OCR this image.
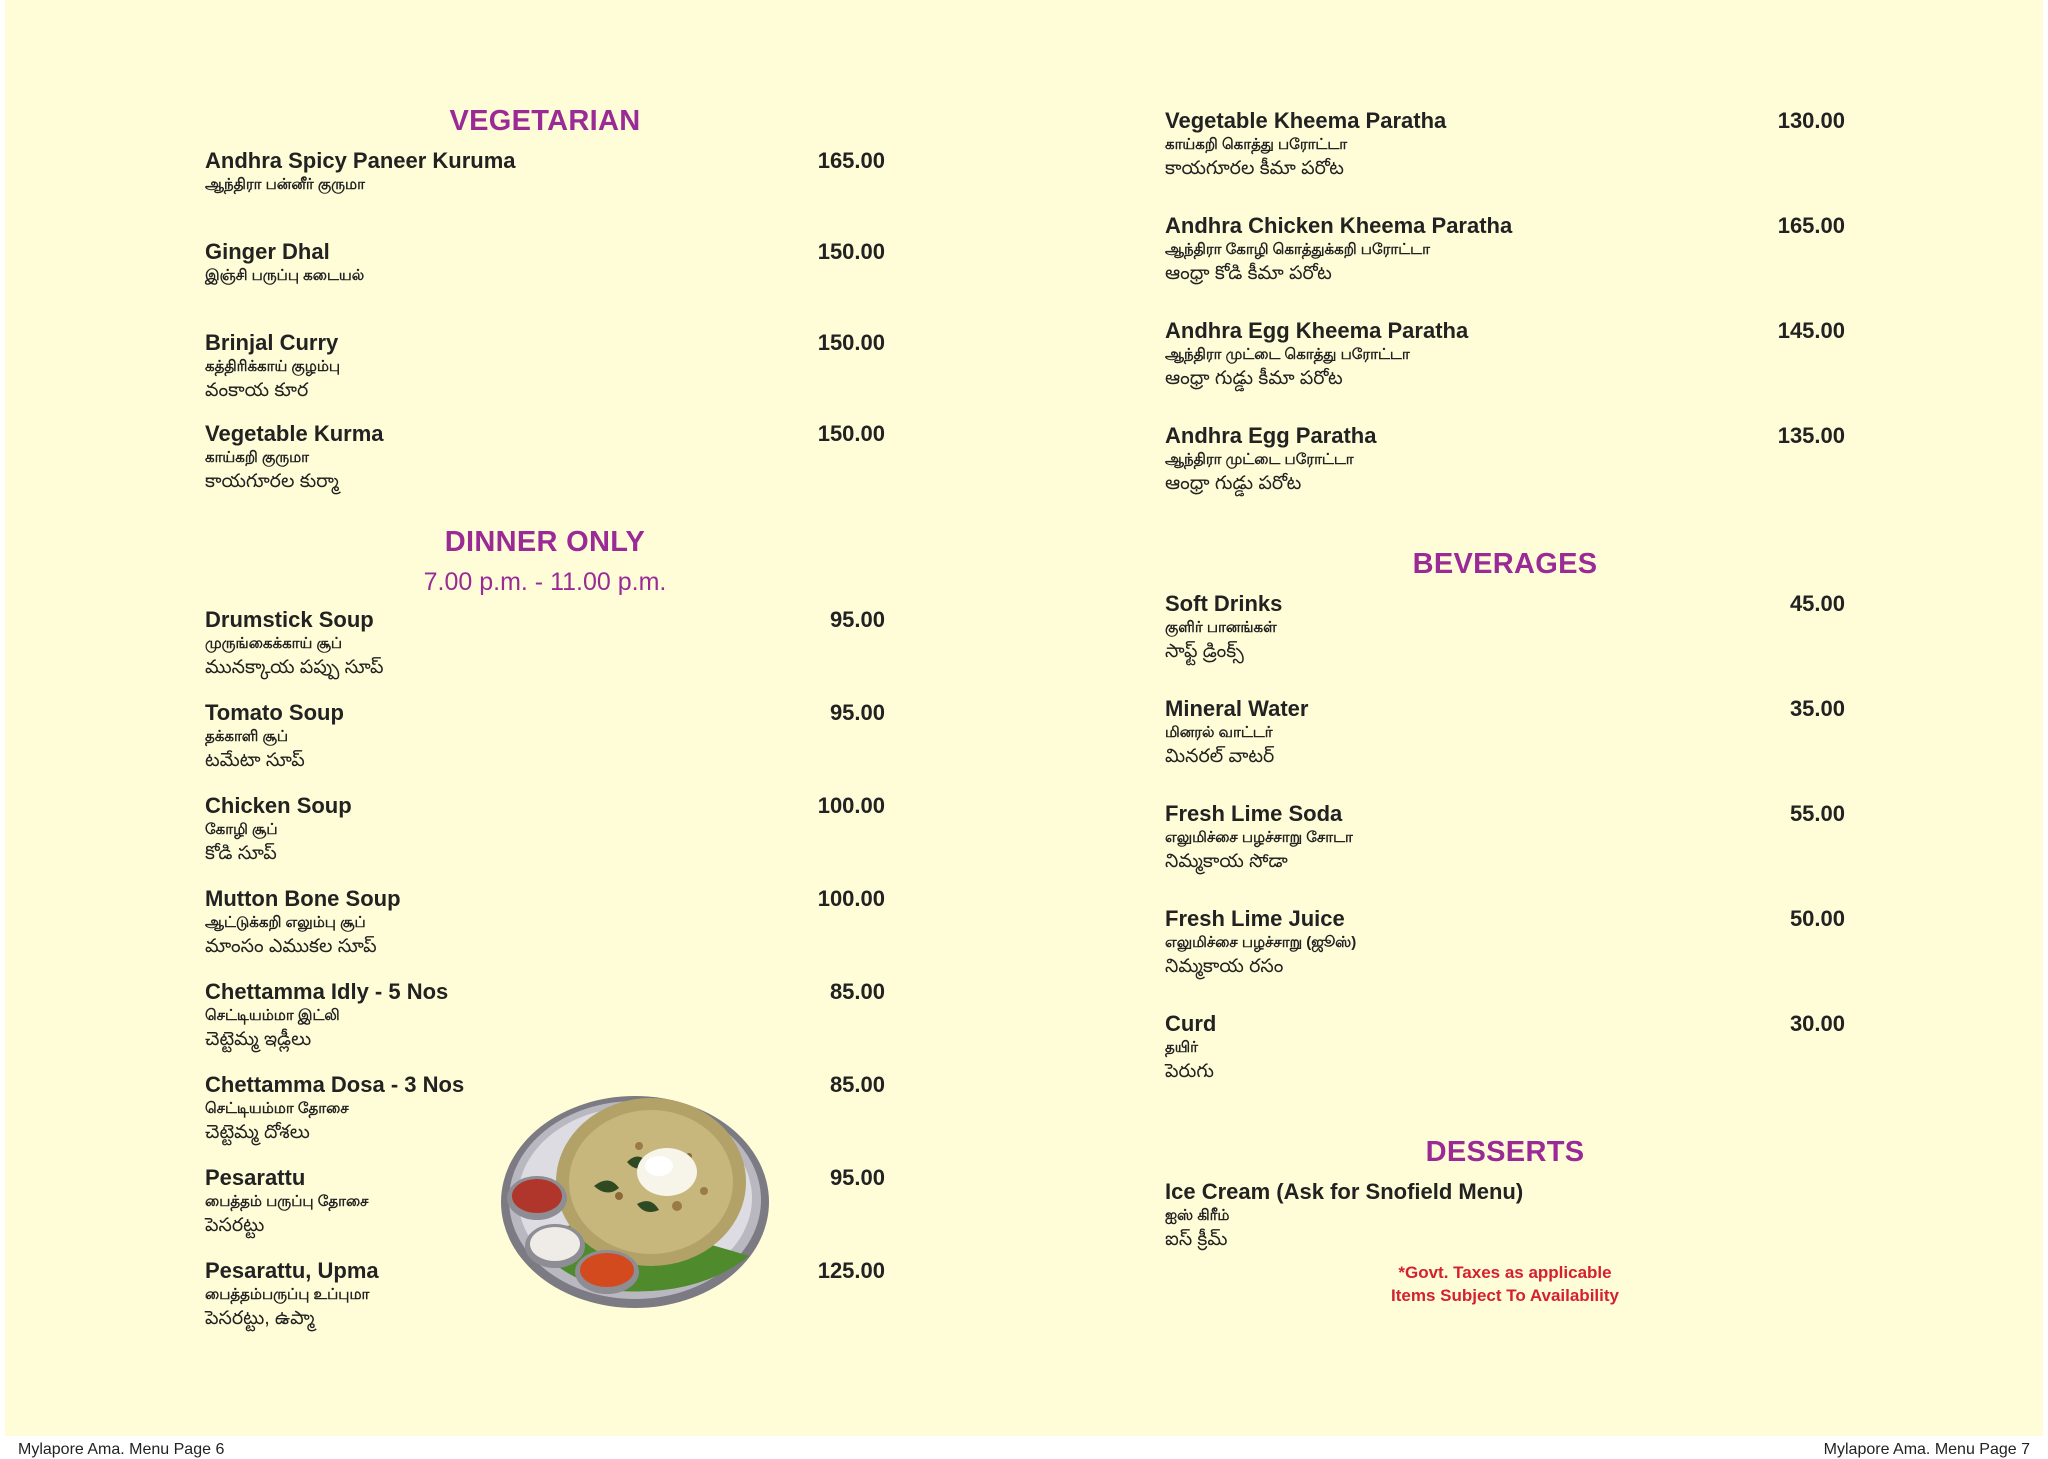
VEGETARIAN
Andhra Spicy Paneer Kuruma	165.00
ஆந்திரா பன்னீர் குருமா
Ginger Dhal	150.00
இஞ்சி பருப்பு கடையல்
Brinjal Curry	150.00
கத்திரிக்காய் குழம்பு
వంకాయ కూర
Vegetable Kurma	150.00
காய்கறி குருமா
కాయగూరల కుర్మా
DINNER ONLY
7.00 p.m. - 11.00 p.m.
Drumstick Soup	95.00
முருங்கைக்காய் சூப்
మునక్కాయ పప్పు సూప్
Tomato Soup	95.00
தக்காளி சூப்
టమేటా సూప్
Chicken Soup	100.00
கோழி சூப்
కోడి సూప్
Mutton Bone Soup	100.00
ஆட்டுக்கறி எலும்பு சூப்
మాంసం ఎముకల సూప్
Chettamma Idly - 5 Nos	85.00
செட்டியம்மா இட்லி
చెట్టెమ్మ ఇడ్లీలు
Chettamma Dosa - 3 Nos	85.00
செட்டியம்மா தோசை
చెట్టెమ్మ దోశలు
Pesarattu	95.00
பைத்தம் பருப்பு தோசை
పెసరట్టు
Pesarattu, Upma	125.00
பைத்தம்பருப்பு உப்புமா
పెసరట్టు, ఉప్మా
Vegetable Kheema Paratha	130.00
காய்கறி கொத்து பரோட்டா
కాయగూరల కీమా పరోట
Andhra Chicken Kheema Paratha	165.00
ஆந்திரா கோழி கொத்துக்கறி பரோட்டா
ఆంధ్రా కోడి కీమా పరోట
Andhra Egg Kheema Paratha	145.00
ஆந்திரா முட்டை கொத்து பரோட்டா
ఆంధ్రా గుడ్డు కీమా పరోట
Andhra Egg Paratha	135.00
ஆந்திரா முட்டை பரோட்டா
ఆంధ్రా గుడ్డు పరోట
BEVERAGES
Soft Drinks	45.00
குளிர் பானங்கள்
సాఫ్ట్ డ్రింక్స్
Mineral Water	35.00
மினரல் வாட்டர்
మినరల్ వాటర్
Fresh Lime Soda	55.00
எலுமிச்சை பழச்சாறு சோடா
నిమ్మకాయ సోడా
Fresh Lime Juice	50.00
எலுமிச்சை பழச்சாறு (ஜூஸ்)
నిమ్మకాయ రసం
Curd	30.00
தயிர்
పెరుగు
DESSERTS
Ice Cream (Ask for Snofield Menu)
ஐஸ் கிரீம்
ఐస్ క్రీమ్
*Govt. Taxes as applicable
Items Subject To Availability
Mylapore Ama. Menu Page 6	Mylapore Ama. Menu Page 7
